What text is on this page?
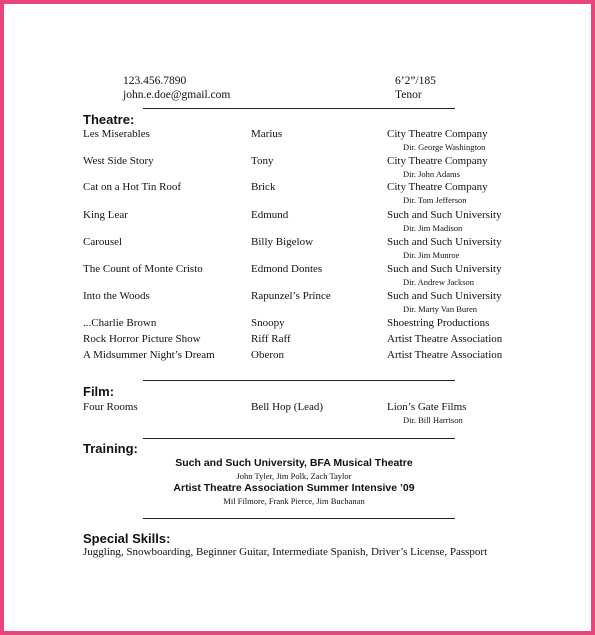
123.456.7890
john.e.doe@gmail.com
6’2”/185
Tenor
Theatre:
Les Miserables	Marius	City Theatre Company
Dir. George Washington
West Side Story	Tony	City Theatre Company
Dir. John Adams
Cat on a Hot Tin Roof	Brick	City Theatre Company
Dir. Tom Jefferson
King Lear	Edmund	Such and Such University
Dir. Jim Madison
Carousel	Billy Bigelow	Such and Such University
Dir. Jim Munroe
The Count of Monte Cristo	Edmond Dontes	Such and Such University
Dir. Andrew Jackson
Into the Woods	Rapunzel’s Prince	Such and Such University
Dir. Marty Van Buren
...Charlie Brown	Snoopy	Shoestring Productions
Rock Horror Picture Show	Riff Raff	Artist Theatre Association
A Midsummer Night’s Dream	Oberon	Artist Theatre Association
Film:
Four Rooms	Bell Hop (Lead)	Lion’s Gate Films
Dir. Bill Harrison
Training:
Such and Such University, BFA Musical Theatre
John Tyler, Jim Polk, Zach Taylor
Artist Theatre Association Summer Intensive ’09
Mil Filmore, Frank Pierce, Jim Buchanan
Special Skills:
Juggling, Snowboarding, Beginner Guitar, Intermediate Spanish, Driver’s License, Passport
